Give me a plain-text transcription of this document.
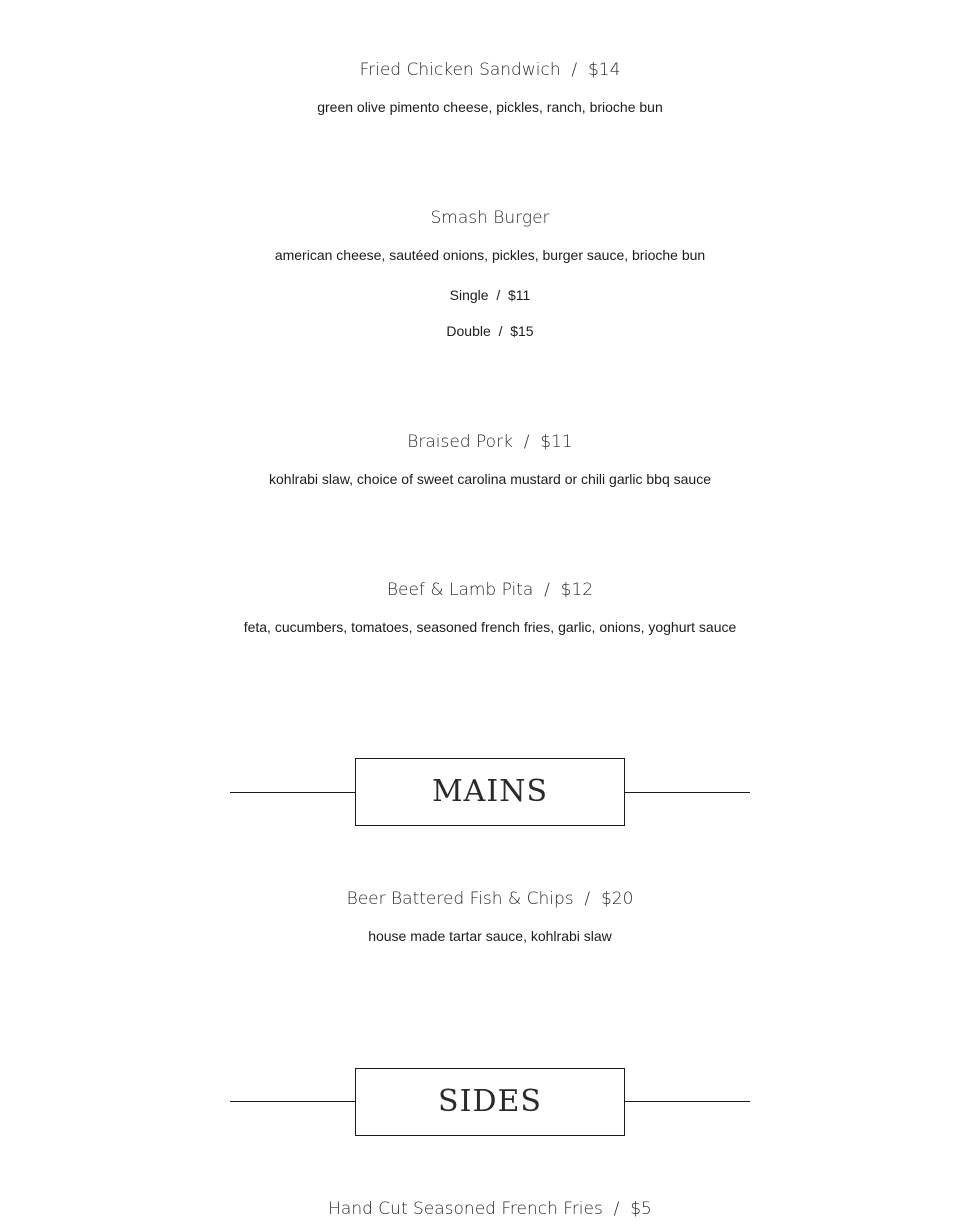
Fried Chicken Sandwich / $14
green olive pimento cheese, pickles, ranch, brioche bun
Smash Burger
american cheese, sautéed onions, pickles, burger sauce, brioche bun
Single / $11
Double / $15
Braised Pork / $11
kohlrabi slaw, choice of sweet carolina mustard or chili garlic bbq sauce
Beef & Lamb Pita / $12
feta, cucumbers, tomatoes, seasoned french fries, garlic, onions, yoghurt sauce
MAINS
Beer Battered Fish & Chips / $20
house made tartar sauce, kohlrabi slaw
SIDES
Hand Cut Seasoned French Fries / $5
